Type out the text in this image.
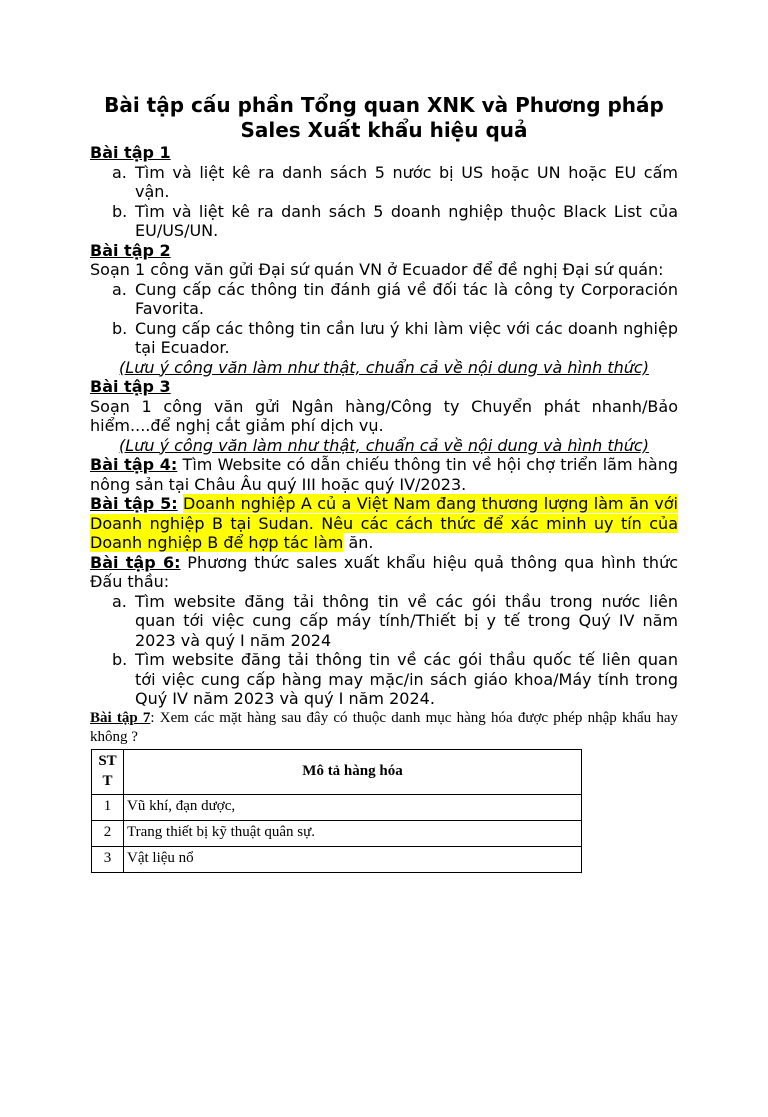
Bài tập cấu phần Tổng quan XNK và Phương pháp Sales Xuất khẩu hiệu quả

Bài tập 1

a. Tìm và liệt kê ra danh sách 5 nước bị US hoặc UN hoặc EU cấm vận.
b. Tìm và liệt kê ra danh sách 5 doanh nghiệp thuộc Black List của EU/US/UN.

Bài tập 2

Soạn 1 công văn gửi Đại sứ quán VN ở Ecuador để đề nghị Đại sứ quán:

a. Cung cấp các thông tin đánh giá về đối tác là công ty Corporación Favorita.
b. Cung cấp các thông tin cần lưu ý khi làm việc với các doanh nghiệp tại Ecuador.

(Lưu ý công văn làm như thật, chuẩn cả về nội dung và hình thức)

Bài tập 3

Soạn 1 công văn gửi Ngân hàng/Công ty Chuyển phát nhanh/Bảo hiểm....để nghị cắt giảm phí dịch vụ.

(Lưu ý công văn làm như thật, chuẩn cả về nội dung và hình thức)

Bài tập 4: Tìm Website có dẫn chiếu thông tin về hội chợ triển lãm hàng nông sản tại Châu Âu quý III hoặc quý IV/2023.

Bài tập 5: Doanh nghiệp A củ a Việt Nam đang thương lượng làm ăn với Doanh nghiệp B tại Sudan. Nêu các cách thức để xác minh uy tín của Doanh nghiệp B để hợp tác làm ăn.

Bài tập 6: Phương thức sales xuất khẩu hiệu quả thông qua hình thức Đấu thầu:

a. Tìm website đăng tải thông tin về các gói thầu trong nước liên quan tới việc cung cấp máy tính/Thiết bị y tế trong Quý IV năm 2023 và quý I năm 2024
b. Tìm website đăng tải thông tin về các gói thầu quốc tế liên quan tới việc cung cấp hàng may mặc/in sách giáo khoa/Máy tính trong Quý IV năm 2023 và quý I năm 2024.

Bài tập 7: Xem các mặt hàng sau đây có thuộc danh mục hàng hóa được phép nhập khẩu hay không ?

ST T	Mô tả hàng hóa
1	Vũ khí, đạn dược,
2	Trang thiết bị kỹ thuật quân sự.
3	Vật liệu nổ
